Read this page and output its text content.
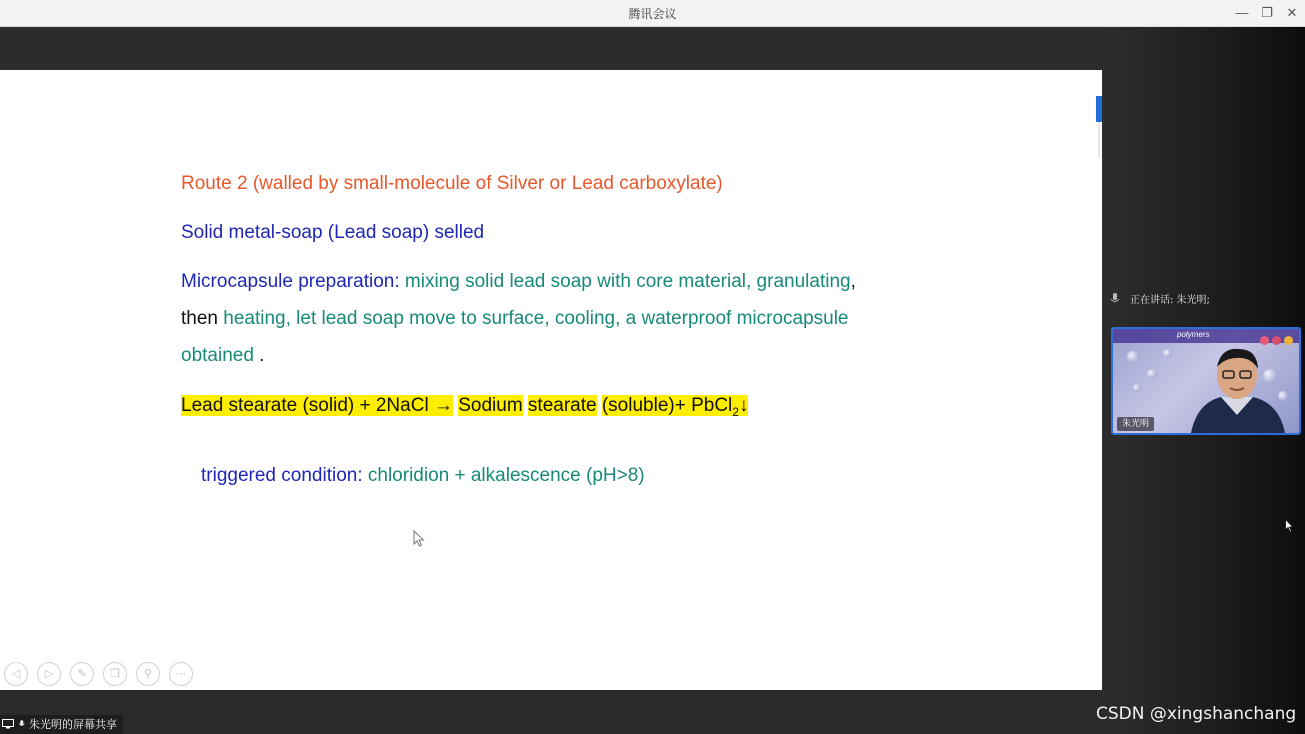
腾讯会议	— ❐ ✕
Route 2 (walled by small-molecule of Silver or Lead carboxylate)
Solid metal-soap (Lead soap) selled
Microcapsule preparation: mixing solid lead soap with core material, granulating,
then heating, let lead soap move to surface, cooling, a waterproof microcapsule
obtained .
Lead stearate (solid) + 2NaCl → Sodium stearate (soluble)+ PbCl$_2$↓
triggered condition: chloridion + alkalescence (pH>8)
◁	▷	✎	❐	⚲	⋯
朱光明的屏幕共享
正在讲话: 朱光明;
polymers
朱光明
CSDN @xingshanchang
